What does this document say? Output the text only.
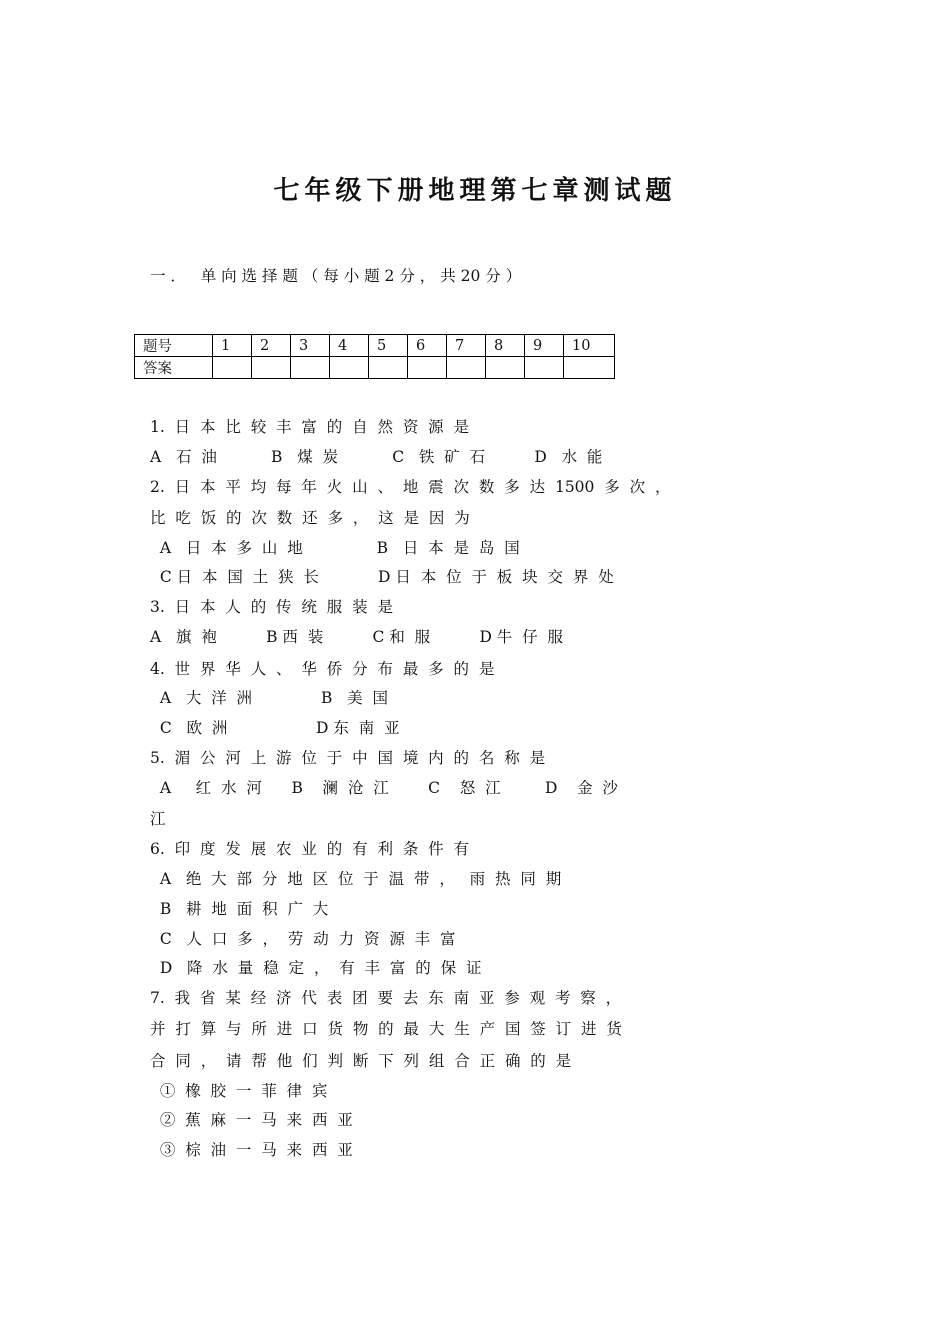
七年级下册地理第七章测试题
一 ．   单 向 选 择 题 （ 每 小 题 2 分 ， 共 20 分 ）
题号	1	2	3	4	5	6	7	8	9	10
答案										
1.  日  本  比  较  丰  富  的  自  然  资  源  是
A   石  油           B   煤  炭           C   铁  矿  石          D   水  能
2.  日  本  平  均  每  年  火  山  、  地  震  次  数  多  达  1500  多  次  ，
比  吃  饭  的  次  数  还  多  ，  这  是  因  为
A   日  本  多  山  地               B   日  本  是  岛  国
C 日  本  国  土  狭  长            D 日  本  位  于  板  块  交  界  处
3.  日  本  人  的  传  统  服  装  是
A   旗  袍          B 西  装          C 和  服          D 牛  仔  服
4.  世  界  华  人  、  华  侨  分  布  最  多  的  是
A   大  洋  洲              B   美  国
C   欧  洲                  D 东  南  亚
5.  湄  公  河  上  游  位  于  中  国  境  内  的  名  称  是
A     红  水  河      B    澜  沧  江        C    怒  江         D    金  沙
江
6.  印  度  发  展  农  业  的  有  利  条  件  有
A   绝  大  部  分  地  区  位  于  温  带  ，   雨  热  同  期
B   耕  地  面  积  广  大
C   人  口  多  ，  劳  动  力  资  源  丰  富
D   降  水  量  稳  定  ，  有  丰  富  的  保  证
7.  我  省  某  经  济  代  表  团  要  去  东  南  亚  参  观  考  察  ，
并  打  算  与  所  进  口  货  物  的  最  大  生  产  国  签  订  进  货
合  同  ，  请  帮  他  们  判  断  下  列  组  合  正  确  的  是
①  橡  胶  一  菲  律  宾
②  蕉  麻  一  马  来  西  亚
③  棕  油  一  马  来  西  亚
